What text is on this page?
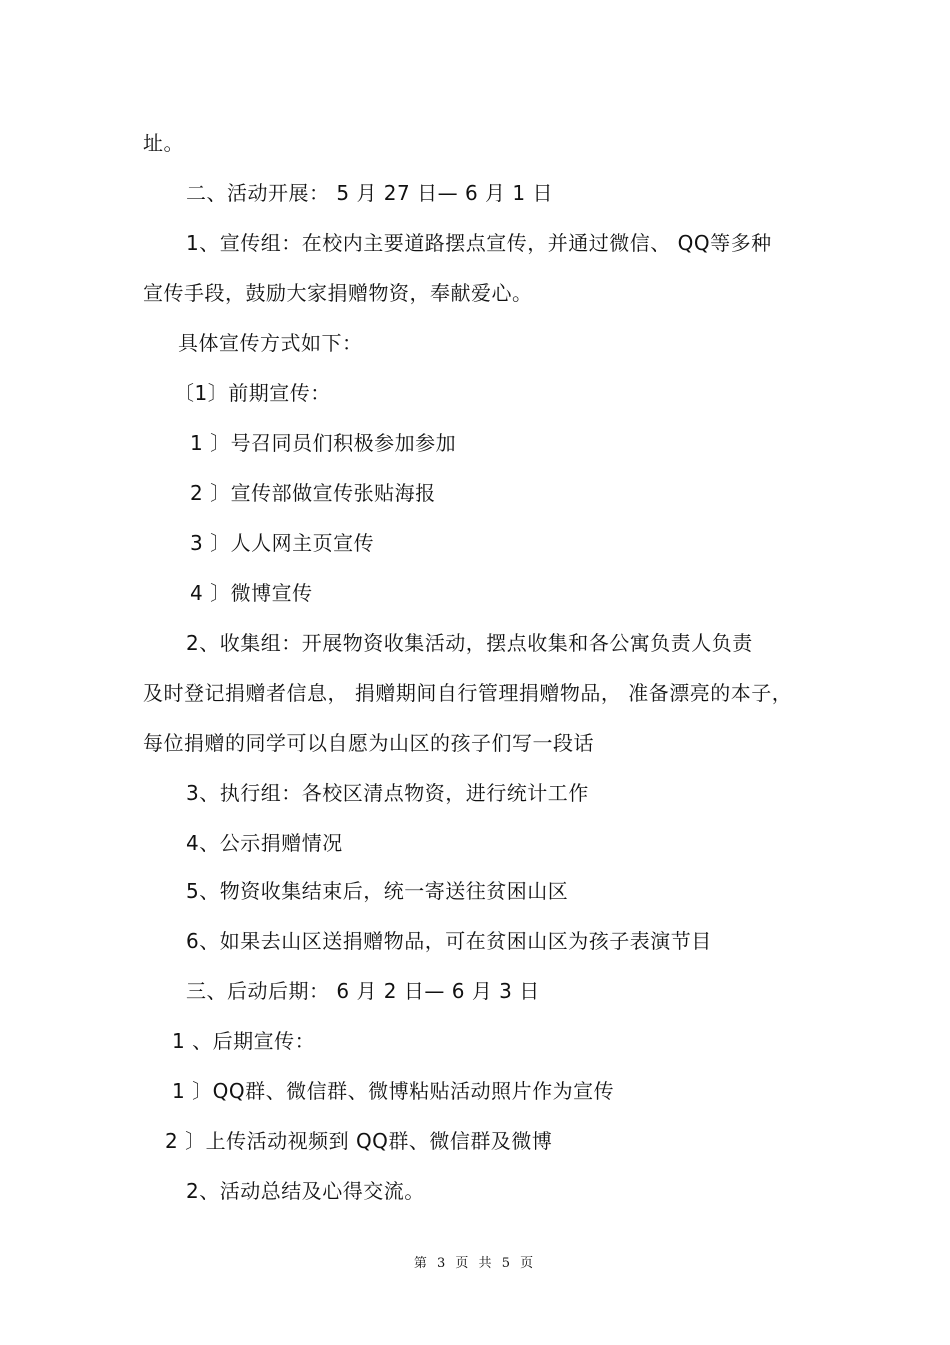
址。
二、活动开展： 5 月 27 日— 6 月 1 日
1、宣传组：在校内主要道路摆点宣传，并通过微信、 QQ等多种
宣传手段，鼓励大家捐赠物资，奉献爱心。
具体宣传方式如下：
〔1〕前期宣传：
1 〕号召同员们积极参加参加
2 〕宣传部做宣传张贴海报
3 〕人人网主页宣传
4 〕微博宣传
2、收集组：开展物资收集活动，摆点收集和各公寓负责人负责
及时登记捐赠者信息， 捐赠期间自行管理捐赠物品， 准备漂亮的本子，
每位捐赠的同学可以自愿为山区的孩子们写一段话
3、执行组：各校区清点物资，进行统计工作
4、公示捐赠情况
5、物资收集结束后，统一寄送往贫困山区
6、如果去山区送捐赠物品，可在贫困山区为孩子表演节目
三、后动后期： 6 月 2 日— 6 月 3 日
1 、后期宣传：
1 〕QQ群、微信群、微博粘贴活动照片作为宣传
2 〕上传活动视频到 QQ群、微信群及微博
2、活动总结及心得交流。
第 3 页 共 5 页
